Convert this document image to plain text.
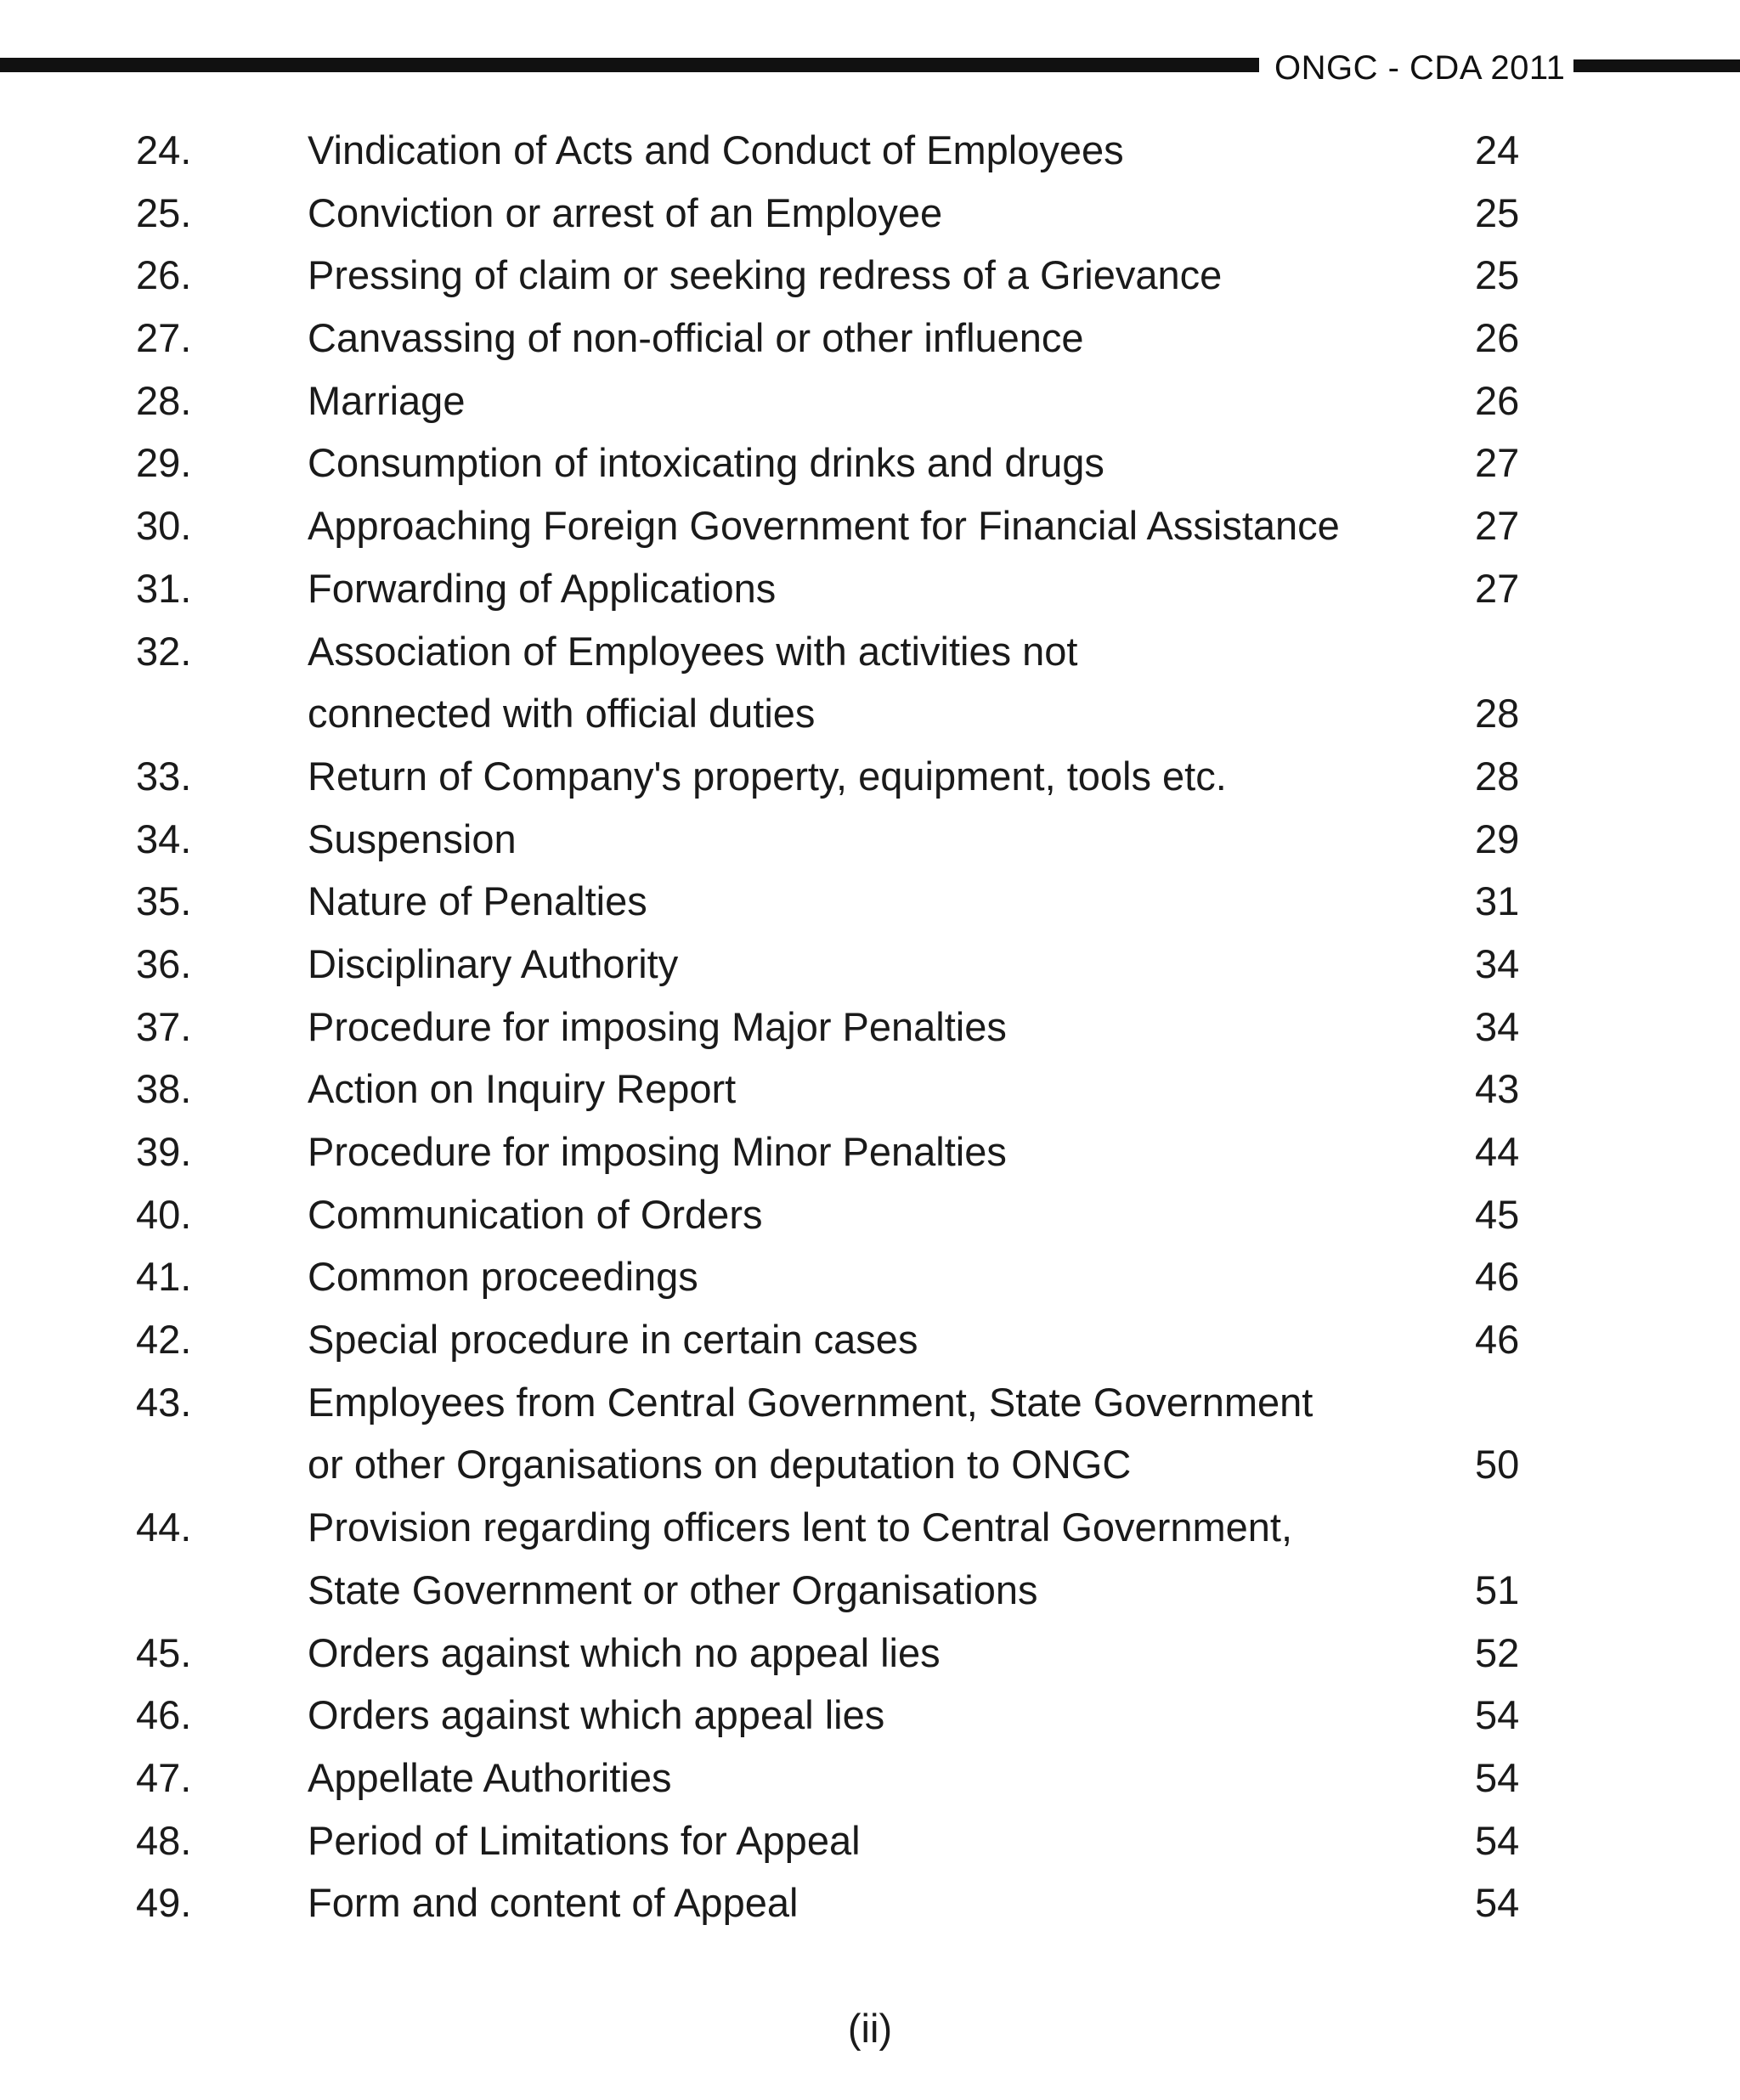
ONGC - CDA 2011
24.	Vindication of Acts and Conduct of Employees	24
25.	Conviction or arrest of an Employee	25
26.	Pressing of claim or seeking redress of a Grievance	25
27.	Canvassing of non-official or other influence	26
28.	Marriage	26
29.	Consumption of intoxicating drinks and drugs	27
30.	Approaching Foreign Government for Financial Assistance	27
31.	Forwarding of Applications	27
32.	Association of Employees with activities not
connected with official duties	28
33.	Return of Company's property, equipment, tools etc.	28
34.	Suspension	29
35.	Nature of Penalties	31
36.	Disciplinary Authority	34
37.	Procedure for imposing Major Penalties	34
38.	Action on Inquiry Report	43
39.	Procedure for imposing Minor Penalties	44
40.	Communication of Orders	45
41.	Common proceedings	46
42.	Special procedure in certain cases	46
43.	Employees from Central Government, State Government
or other Organisations on deputation to ONGC	50
44.	Provision regarding officers lent to Central Government,
State Government or other Organisations	51
45.	Orders against which no appeal lies	52
46.	Orders against which appeal lies	54
47.	Appellate Authorities	54
48.	Period of Limitations for Appeal	54
49.	Form and content of Appeal	54
(ii)
